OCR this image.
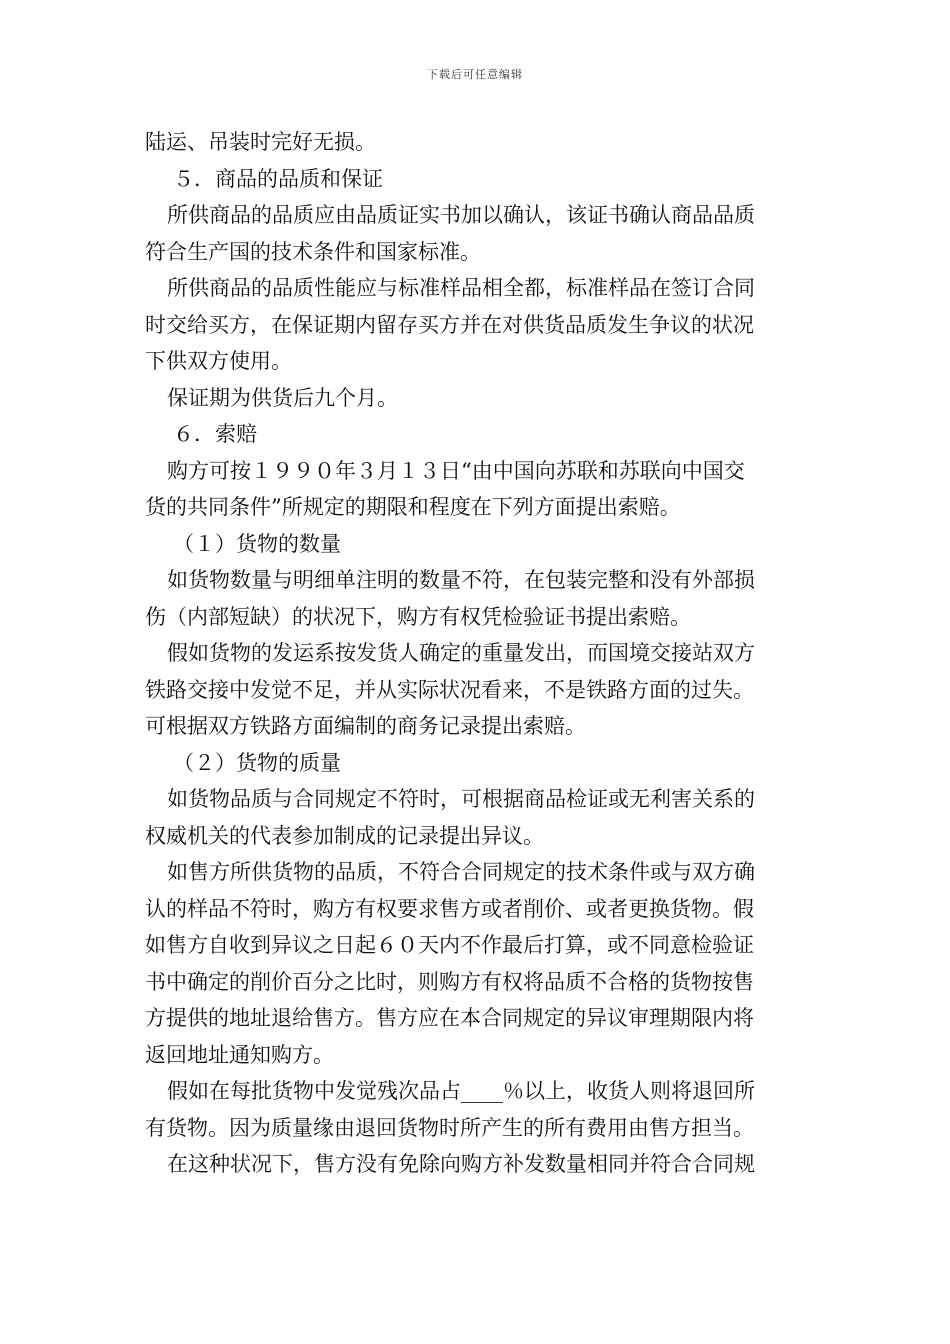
下载后可任意编辑
陆运、吊装时完好无损。
５．商品的品质和保证
所供商品的品质应由品质证实书加以确认，该证书确认商品品质
符合生产国的技术条件和国家标准。
所供商品的品质性能应与标准样品相全都，标准样品在签订合同
时交给买方，在保证期内留存买方并在对供货品质发生争议的状况
下供双方使用。
保证期为供货后九个月。
６．索赔
购方可按１９９０年３月１３日“由中国向苏联和苏联向中国交
货的共同条件”所规定的期限和程度在下列方面提出索赔。
（１）货物的数量
如货物数量与明细单注明的数量不符，在包装完整和没有外部损
伤（内部短缺）的状况下，购方有权凭检验证书提出索赔。
假如货物的发运系按发货人确定的重量发出，而国境交接站双方
铁路交接中发觉不足，并从实际状况看来，不是铁路方面的过失。
可根据双方铁路方面编制的商务记录提出索赔。
（２）货物的质量
如货物品质与合同规定不符时，可根据商品检证或无利害关系的
权威机关的代表参加制成的记录提出异议。
如售方所供货物的品质，不符合合同规定的技术条件或与双方确
认的样品不符时，购方有权要求售方或者削价、或者更换货物。假
如售方自收到异议之日起６０天内不作最后打算，或不同意检验证
书中确定的削价百分之比时，则购方有权将品质不合格的货物按售
方提供的地址退给售方。售方应在本合同规定的异议审理期限内将
返回地址通知购方。
假如在每批货物中发觉残次品占____％以上，收货人则将退回所
有货物。因为质量缘由退回货物时所产生的所有费用由售方担当。
在这种状况下，售方没有免除向购方补发数量相同并符合合同规
